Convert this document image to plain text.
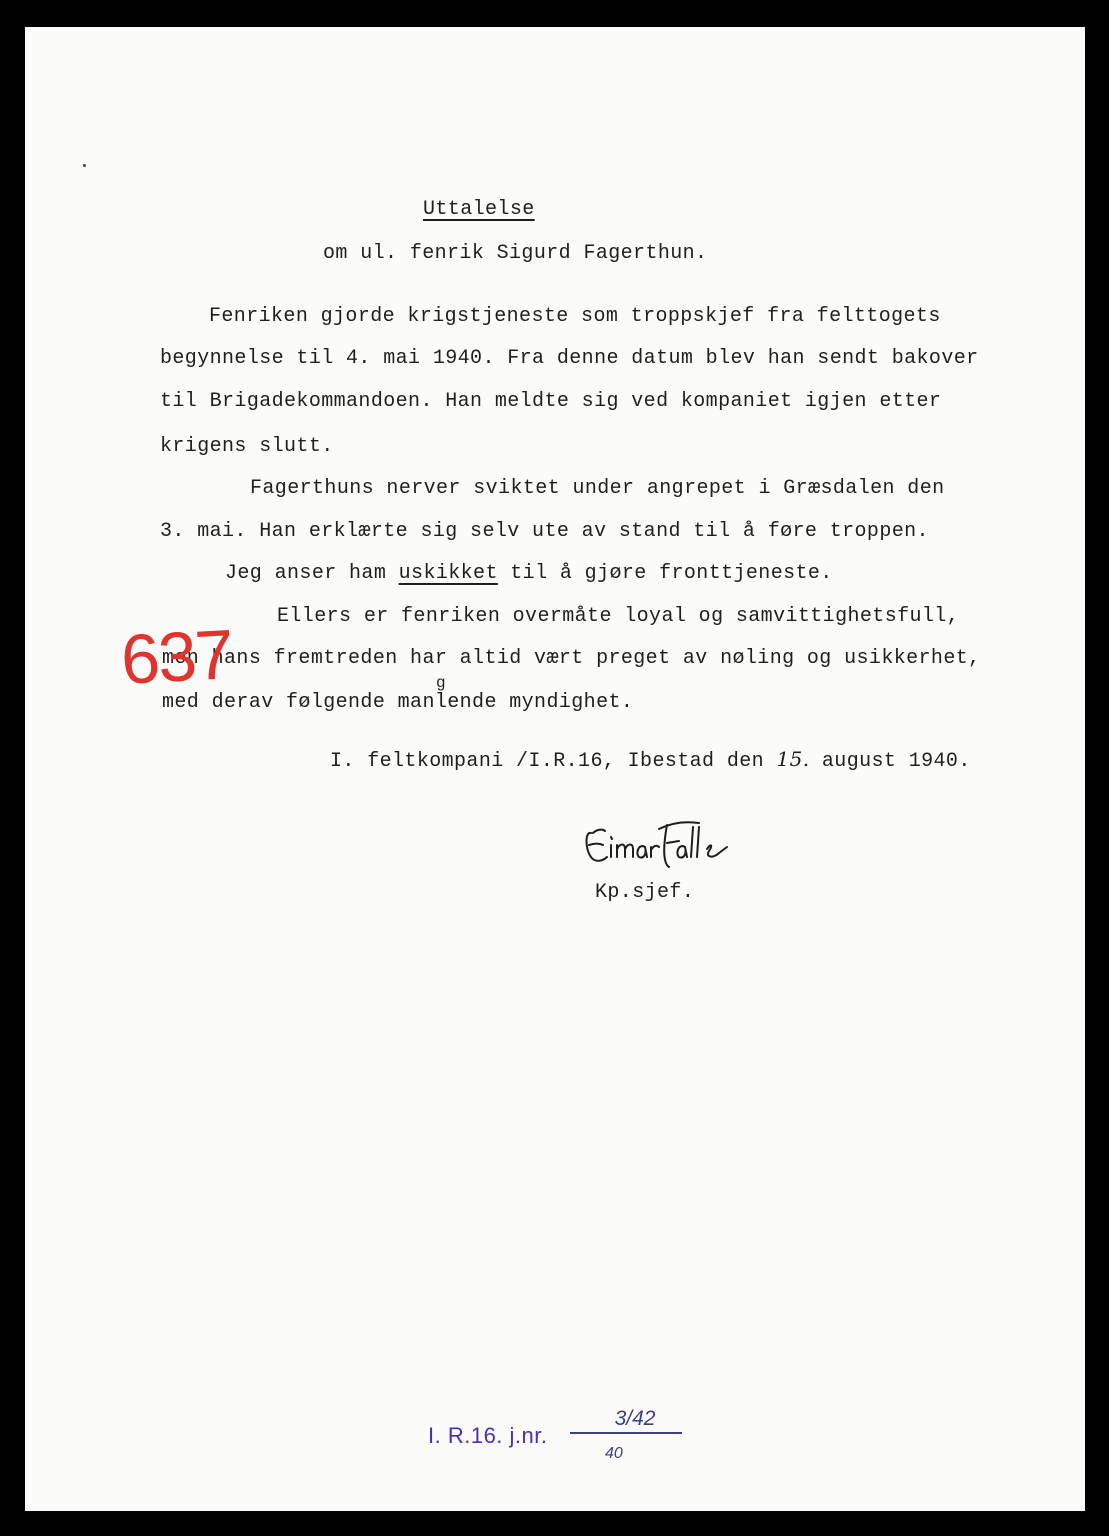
Uttalelse
om ul. fenrik Sigurd Fagerthun.
Fenriken gjorde krigstjeneste som troppskjef fra felttogets
begynnelse til 4. mai 1940. Fra denne datum blev han sendt bakover
til Brigadekommandoen. Han meldte sig ved kompaniet igjen etter
krigens slutt.
Fagerthuns nerver sviktet under angrepet i Græsdalen den
3. mai. Han erklærte sig selv ute av stand til å føre troppen.
Jeg anser ham uskikket til å gjøre fronttjeneste.
Ellers er fenriken overmåte loyal og samvittighetsfull,
men hans fremtreden har altid vært preget av nøling og usikkerhet,
g
med derav følgende manlende myndighet.
I. feltkompani /I.R.16, Ibestad den 15. august 1940.
Kp.sjef.
637
I. R.16. j.nr.
3/42
40
